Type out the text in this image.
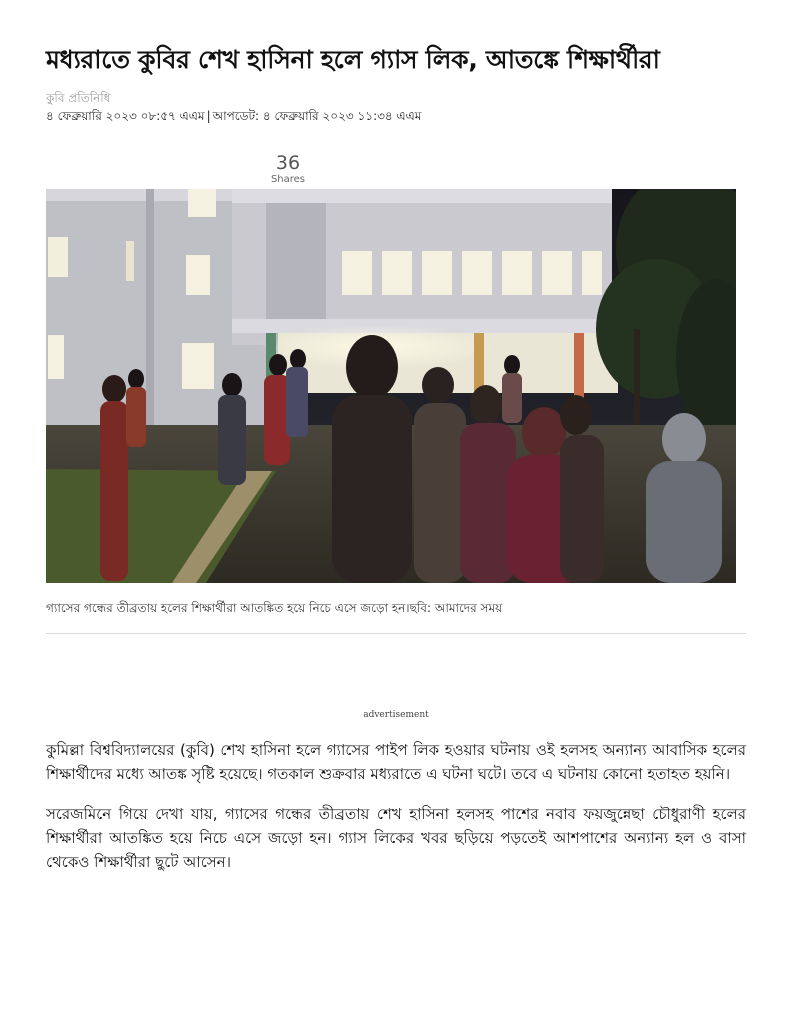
মধ্যরাতে কুবির শেখ হাসিনা হলে গ্যাস লিক, আতঙ্কে শিক্ষার্থীরা
কুবি প্রতিনিধি
৪ ফেব্রুয়ারি ২০২৩ ০৮:৫৭ এএম | আপডেট: ৪ ফেব্রুয়ারি ২০২৩ ১১:৩৪ এএম
36
Shares
গ্যাসের গন্ধের তীব্রতায় হলের শিক্ষার্থীরা আতঙ্কিত হয়ে নিচে এসে জড়ো হন।ছবি: আমাদের সময়
advertisement

কুমিল্লা বিশ্ববিদ্যালয়ের (কুবি) শেখ হাসিনা হলে গ্যাসের পাইপ লিক হওয়ার ঘটনায় ওই হলসহ অন্যান্য আবাসিক হলের শিক্ষার্থীদের মধ্যে আতঙ্ক সৃষ্টি হয়েছে। গতকাল শুক্রবার মধ্যরাতে এ ঘটনা ঘটে। তবে এ ঘটনায় কোনো হতাহত হয়নি।

সরেজমিনে গিয়ে দেখা যায়, গ্যাসের গন্ধের তীব্রতায় শেখ হাসিনা হলসহ পাশের নবাব ফয়জুন্নেছা চৌধুরাণী হলের শিক্ষার্থীরা আতঙ্কিত হয়ে নিচে এসে জড়ো হন। গ্যাস লিকের খবর ছড়িয়ে পড়তেই আশপাশের অন্যান্য হল ও বাসা থেকেও শিক্ষার্থীরা ছুটে আসেন।
